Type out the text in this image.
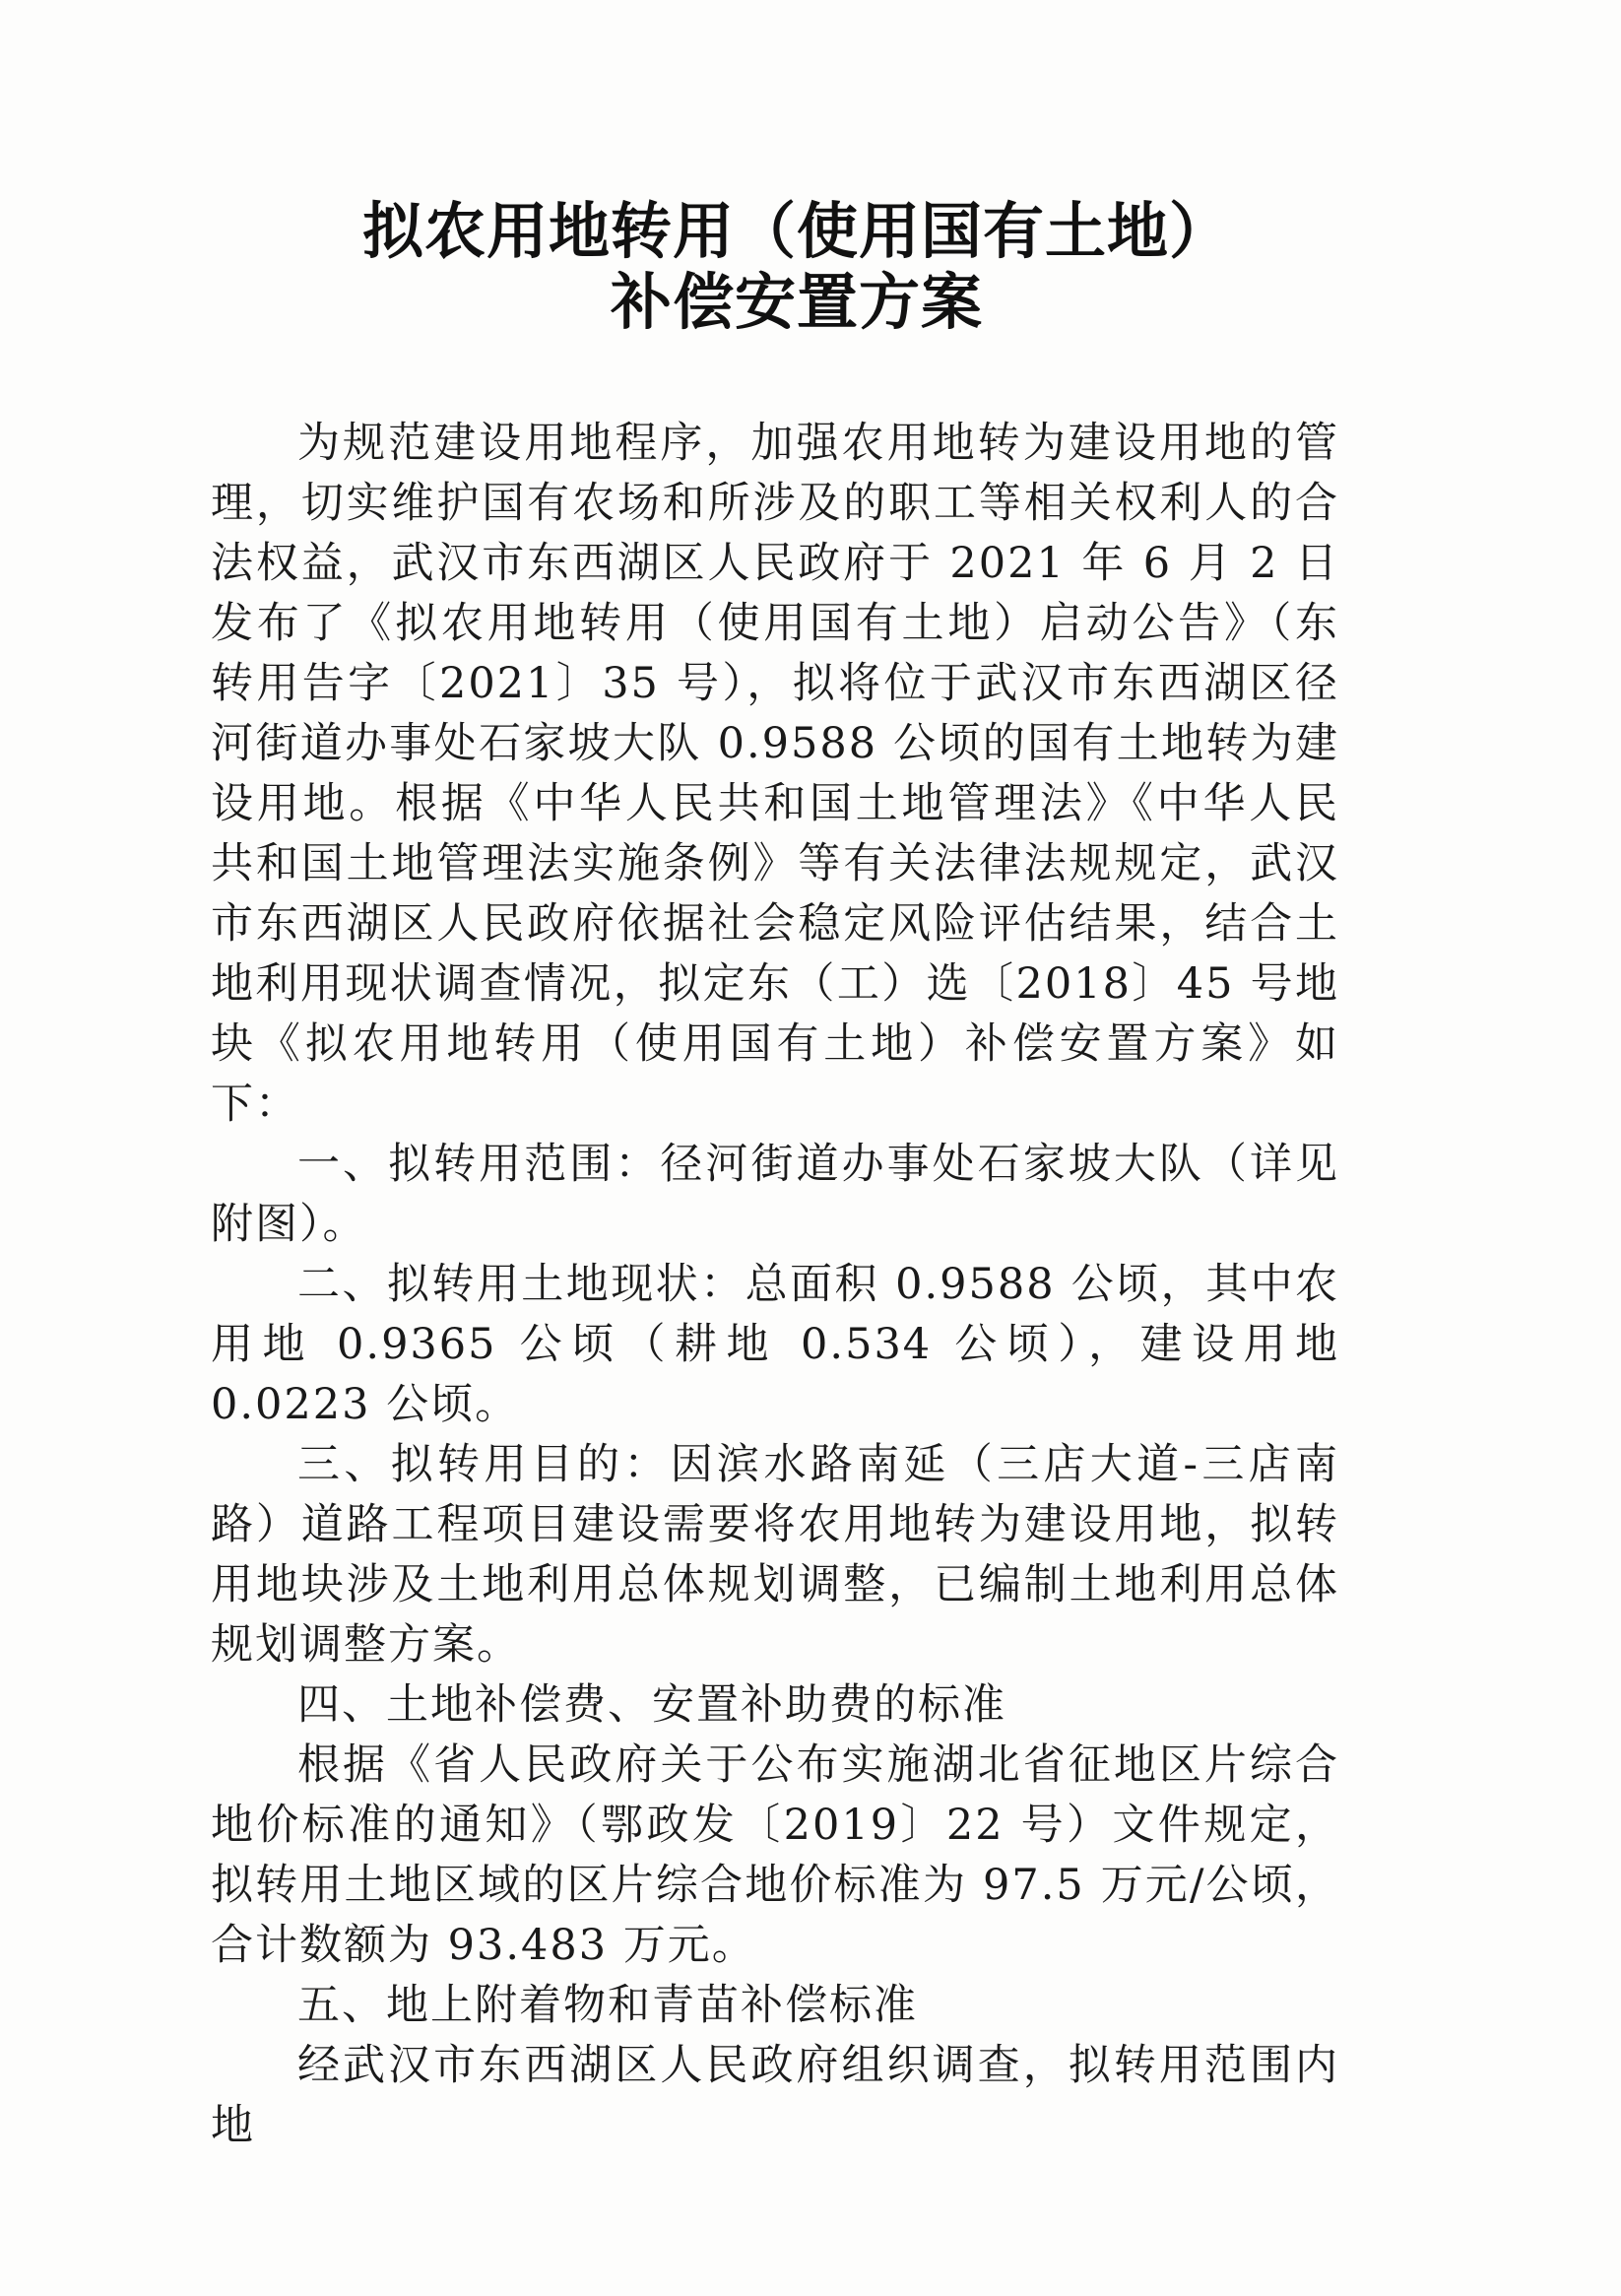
拟农用地转用（使用国有土地）
补偿安置方案

为规范建设用地程序，加强农用地转为建设用地的管理，切实维护国有农场和所涉及的职工等相关权利人的合法权益，武汉市东西湖区人民政府于 2021 年 6 月 2 日发布了《拟农用地转用（使用国有土地）启动公告》（东转用告字〔2021〕35 号），拟将位于武汉市东西湖区径河街道办事处石家坡大队 0.9588 公顷的国有土地转为建设用地。根据《中华人民共和国土地管理法》《中华人民共和国土地管理法实施条例》等有关法律法规规定，武汉市东西湖区人民政府依据社会稳定风险评估结果，结合土地利用现状调查情况，拟定东（工）选〔2018〕45 号地块《拟农用地转用（使用国有土地）补偿安置方案》如下：

一、拟转用范围：径河街道办事处石家坡大队（详见附图）。

二、拟转用土地现状：总面积 0.9588 公顷，其中农用地 0.9365 公顷（耕地 0.534 公顷），建设用地 0.0223 公顷。

三、拟转用目的：因滨水路南延（三店大道-三店南路）道路工程项目建设需要将农用地转为建设用地，拟转用地块涉及土地利用总体规划调整，已编制土地利用总体规划调整方案。

四、土地补偿费、安置补助费的标准

根据《省人民政府关于公布实施湖北省征地区片综合地价标准的通知》（鄂政发〔2019〕22 号）文件规定，拟转用土地区域的区片综合地价标准为 97.5 万元/公顷，合计数额为 93.483 万元。

五、地上附着物和青苗补偿标准

经武汉市东西湖区人民政府组织调查，拟转用范围内地
